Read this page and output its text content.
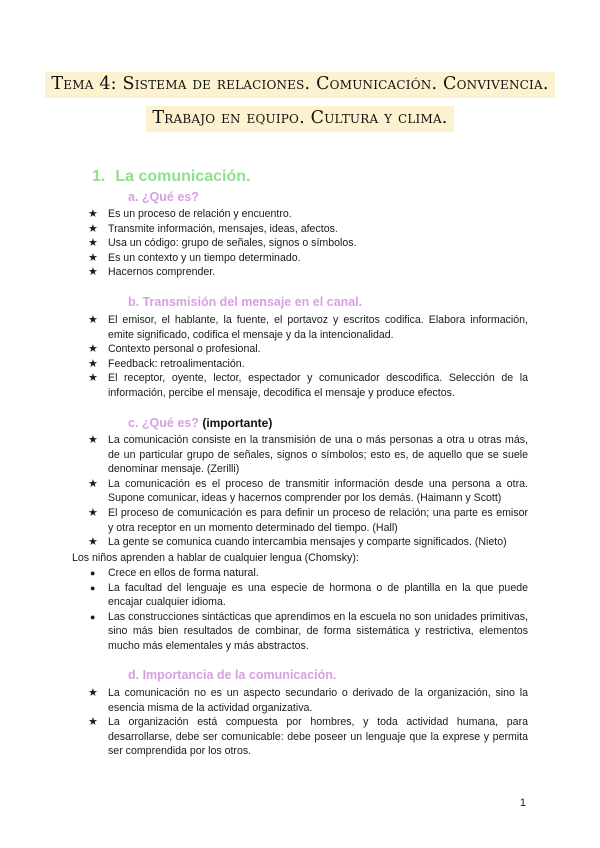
Tema 4: Sistema de relaciones. Comunicación. Convivencia.
Trabajo en equipo. Cultura y clima.
1. La comunicación.
a. ¿Qué es?
★ Es un proceso de relación y encuentro.
★ Transmite información, mensajes, ideas, afectos.
★ Usa un código: grupo de señales, signos o símbolos.
★ Es un contexto y un tiempo determinado.
★ Hacernos comprender.
b. Transmisión del mensaje en el canal.
★ El emisor, el hablante, la fuente, el portavoz y escritos codifica. Elabora información, emite significado, codifica el mensaje y da la intencionalidad.
★ Contexto personal o profesional.
★ Feedback: retroalimentación.
★ El receptor, oyente, lector, espectador y comunicador descodifica. Selección de la información, percibe el mensaje, decodifica el mensaje y produce efectos.
c. ¿Qué es? (importante)
★ La comunicación consiste en la transmisión de una o más personas a otra u otras más, de un particular grupo de señales, signos o símbolos; esto es, de aquello que se suele denominar mensaje. (Zerilli)
★ La comunicación es el proceso de transmitir información desde una persona a otra. Supone comunicar, ideas y hacernos comprender por los demás. (Haimann y Scott)
★ El proceso de comunicación es para definir un proceso de relación; una parte es emisor y otra receptor en un momento determinado del tiempo. (Hall)
★ La gente se comunica cuando intercambia mensajes y comparte significados. (Nieto)
Los niños aprenden a hablar de cualquier lengua (Chomsky):
● Crece en ellos de forma natural.
● La facultad del lenguaje es una especie de hormona o de plantilla en la que puede encajar cualquier idioma.
● Las construcciones sintácticas que aprendimos en la escuela no son unidades primitivas, sino más bien resultados de combinar, de forma sistemática y restrictiva, elementos mucho más elementales y más abstractos.
d. Importancia de la comunicación.
★ La comunicación no es un aspecto secundario o derivado de la organización, sino la esencia misma de la actividad organizativa.
★ La organización está compuesta por hombres, y toda actividad humana, para desarrollarse, debe ser comunicable: debe poseer un lenguaje que la exprese y permita ser comprendida por los otros.
1
